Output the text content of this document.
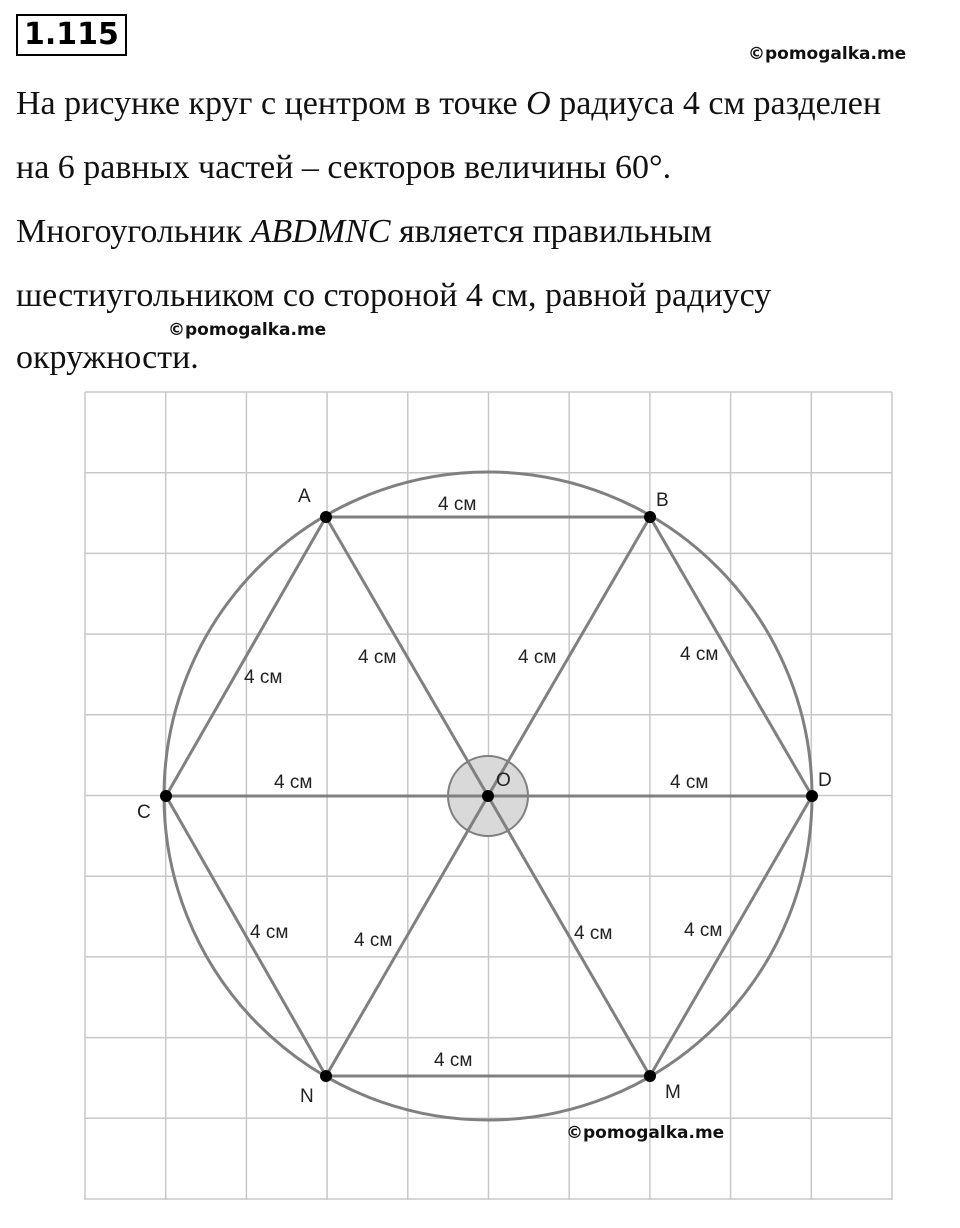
1.115
©pomogalka.me
На рисунке круг с центром в точке O радиуса 4 см разделен
на 6 равных частей – секторов величины 60°.
Многоугольник ABDMNC является правильным
шестиугольником со стороной 4 см, равной радиусу
©pomogalka.me
окружности.
A	B
C
D
M
N
O
4 см
4 см	4 см	4 см
4 см
4 см	4 см
4 см	4 см	4 см	4 см
4 см
©pomogalka.me
